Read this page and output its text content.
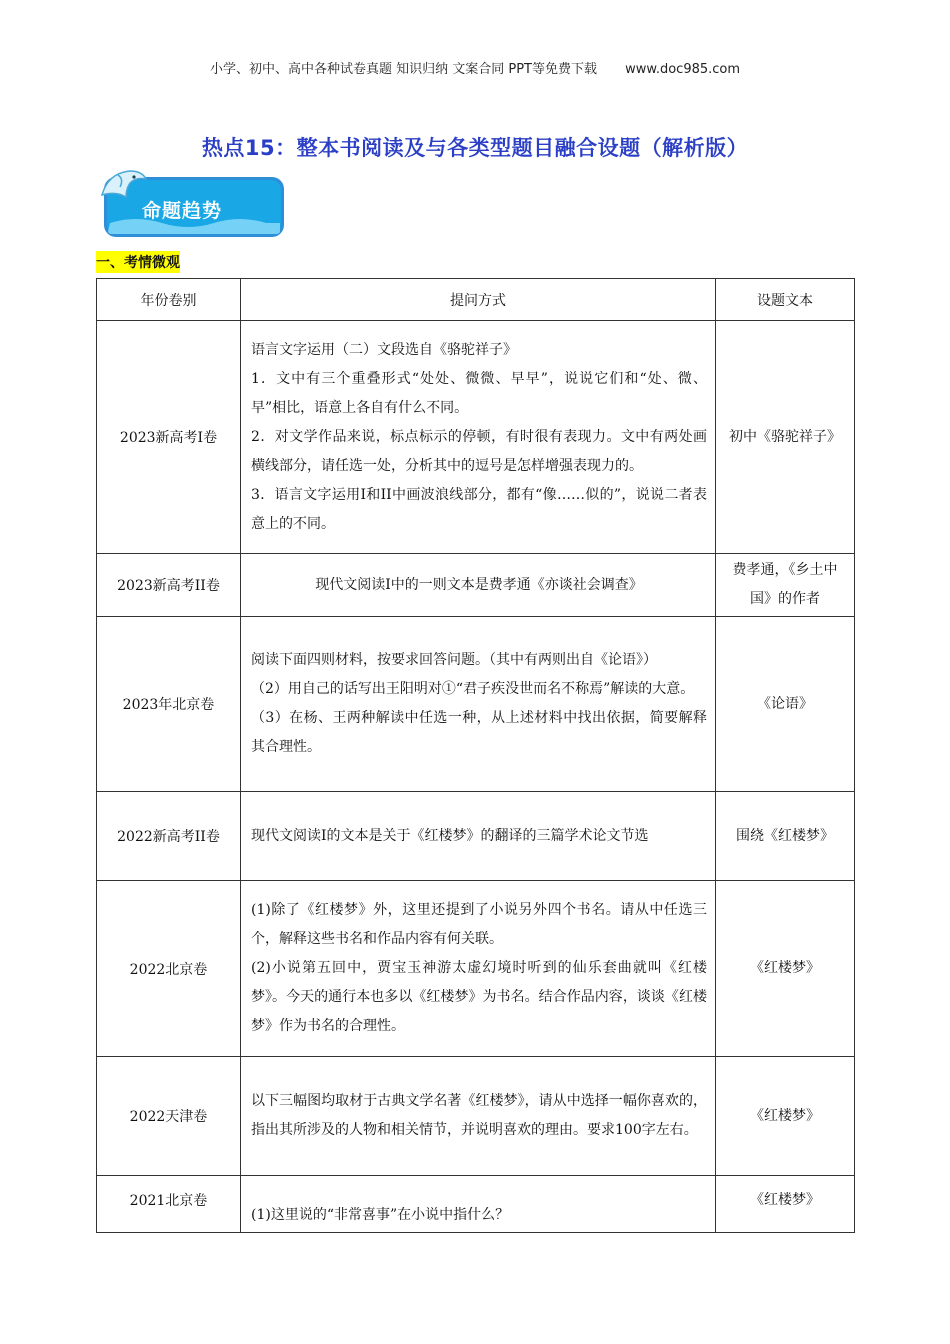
小学、初中、高中各种试卷真题 知识归纳 文案合同 PPT等免费下载 www.doc985.com
热点15：整本书阅读及与各类型题目融合设题（解析版）
命题趋势
一、考情微观
年份卷别	提问方式	设题文本
2023新高考I卷	语言文字运用（二）文段选自《骆驼祥子》
1．文中有三个重叠形式“处处、微微、早早”，说说它们和“处、微、早”相比，语意上各自有什么不同。
2．对文学作品来说，标点标示的停顿，有时很有表现力。文中有两处画横线部分，请任选一处，分析其中的逗号是怎样增强表现力的。
3．语言文字运用I和II中画波浪线部分，都有“像……似的”，说说二者表意上的不同。	初中《骆驼祥子》
2023新高考II卷	现代文阅读I中的一则文本是费孝通《亦谈社会调查》	费孝通，《乡土中国》的作者
2023年北京卷	阅读下面四则材料，按要求回答问题。（其中有两则出自《论语》）
（2）用自己的话写出王阳明对①“君子疾没世而名不称焉”解读的大意。
（3）在杨、王两种解读中任选一种，从上述材料中找出依据，简要解释其合理性。	《论语》
2022新高考II卷	现代文阅读I的文本是关于《红楼梦》的翻译的三篇学术论文节选	围绕《红楼梦》
2022北京卷	(1)除了《红楼梦》外，这里还提到了小说另外四个书名。请从中任选三个，解释这些书名和作品内容有何关联。
(2)小说第五回中，贾宝玉神游太虚幻境时听到的仙乐套曲就叫《红楼梦》。今天的通行本也多以《红楼梦》为书名。结合作品内容，谈谈《红楼梦》作为书名的合理性。	《红楼梦》
2022天津卷	以下三幅图均取材于古典文学名著《红楼梦》，请从中选择一幅你喜欢的，指出其所涉及的人物和相关情节，并说明喜欢的理由。要求100字左右。	《红楼梦》
2021北京卷	(1)这里说的“非常喜事”在小说中指什么？	《红楼梦》
